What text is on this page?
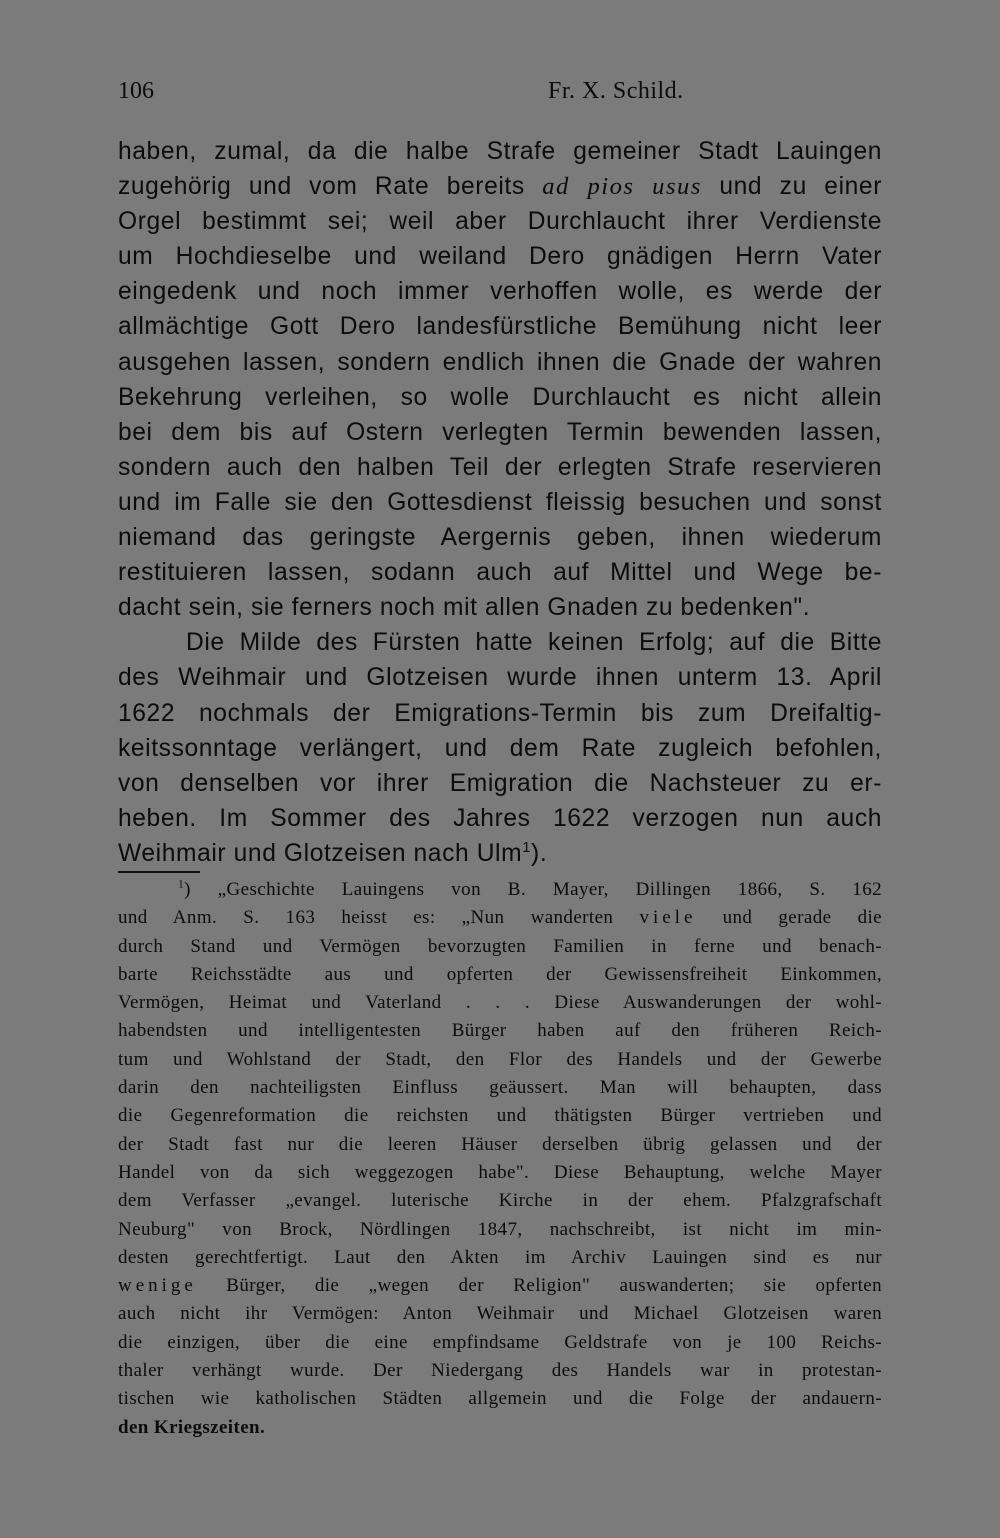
106	Fr. X. Schild.
haben, zumal, da die halbe Strafe gemeiner Stadt Lauingen
zugehörig und vom Rate bereits ad pios usus und zu einer
Orgel bestimmt sei; weil aber Durchlaucht ihrer Verdienste
um Hochdieselbe und weiland Dero gnädigen Herrn Vater
eingedenk und noch immer verhoffen wolle, es werde der
allmächtige Gott Dero landesfürstliche Bemühung nicht leer
ausgehen lassen, sondern endlich ihnen die Gnade der wahren
Bekehrung verleihen, so wolle Durchlaucht es nicht allein
bei dem bis auf Ostern verlegten Termin bewenden lassen,
sondern auch den halben Teil der erlegten Strafe reservieren
und im Falle sie den Gottesdienst fleissig besuchen und sonst
niemand das geringste Aergernis geben, ihnen wiederum
restituieren lassen, sodann auch auf Mittel und Wege be-
dacht sein, sie ferners noch mit allen Gnaden zu bedenken".
Die Milde des Fürsten hatte keinen Erfolg; auf die Bitte
des Weihmair und Glotzeisen wurde ihnen unterm 13. April
1622 nochmals der Emigrations-Termin bis zum Dreifaltig-
keitssonntage verlängert, und dem Rate zugleich befohlen,
von denselben vor ihrer Emigration die Nachsteuer zu er-
heben. Im Sommer des Jahres 1622 verzogen nun auch
Weihmair und Glotzeisen nach Ulm$^1$).
$^1$) „Geschichte Lauingens von B. Mayer, Dillingen 1866, S. 162
und Anm. S. 163 heisst es: „Nun wanderten viele und gerade die
durch Stand und Vermögen bevorzugten Familien in ferne und benach-
barte Reichsstädte aus und opferten der Gewissensfreiheit Einkommen,
Vermögen, Heimat und Vaterland . . . Diese Auswanderungen der wohl-
habendsten und intelligentesten Bürger haben auf den früheren Reich-
tum und Wohlstand der Stadt, den Flor des Handels und der Gewerbe
darin den nachteiligsten Einfluss geäussert. Man will behaupten, dass
die Gegenreformation die reichsten und thätigsten Bürger vertrieben und
der Stadt fast nur die leeren Häuser derselben übrig gelassen und der
Handel von da sich weggezogen habe". Diese Behauptung, welche Mayer
dem Verfasser „evangel. luterische Kirche in der ehem. Pfalzgrafschaft
Neuburg" von Brock, Nördlingen 1847, nachschreibt, ist nicht im min-
desten gerechtfertigt. Laut den Akten im Archiv Lauingen sind es nur
wenige Bürger, die „wegen der Religion" auswanderten; sie opferten
auch nicht ihr Vermögen: Anton Weihmair und Michael Glotzeisen waren
die einzigen, über die eine empfindsame Geldstrafe von je 100 Reichs-
thaler verhängt wurde. Der Niedergang des Handels war in protestan-
tischen wie katholischen Städten allgemein und die Folge der andauern-
den Kriegszeiten.
